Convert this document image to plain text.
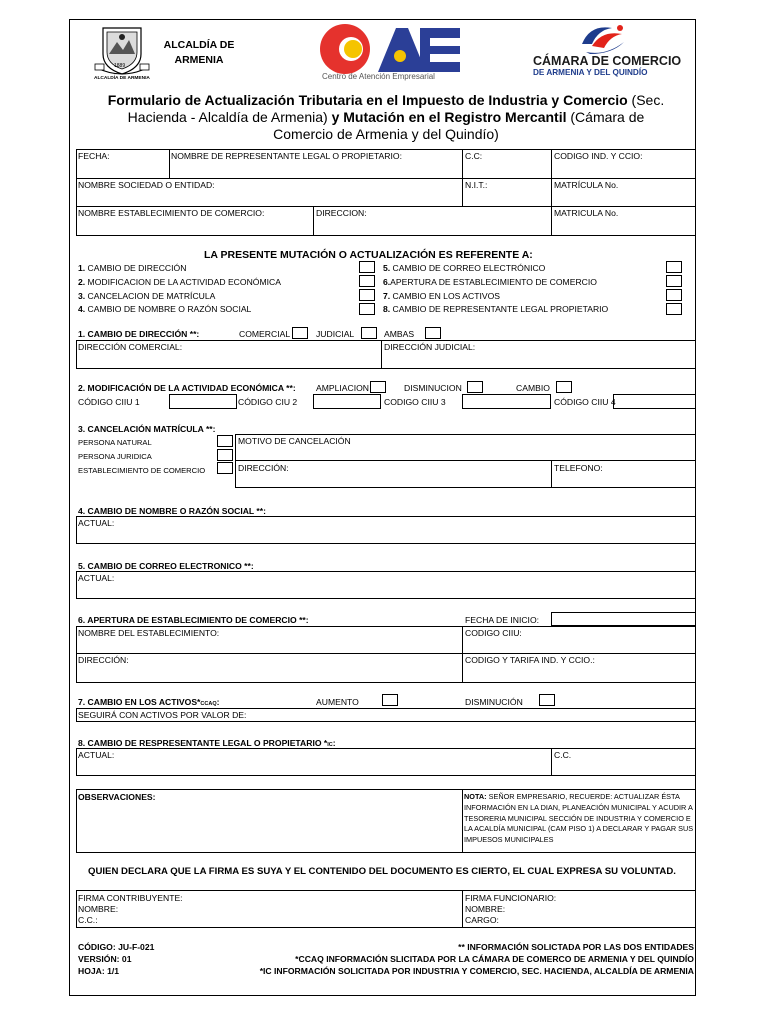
1889
ALCALDÍA DE ARMENIA
ALCALDÍA DE ARMENIA
Centro de Atención Empresarial
CÁMARA DE COMERCIO
DE ARMENIA Y DEL QUINDÍO
Formulario de Actualización Tributaria en el Impuesto de Industria y Comercio (Sec. Hacienda - Alcaldía de Armenia) y Mutación en el Registro Mercantil (Cámara de Comercio de Armenia y del Quindío)
FECHA:	NOMBRE DE REPRESENTANTE LEGAL O PROPIETARIO:	C.C:	CODIGO IND. Y CCIO:
NOMBRE SOCIEDAD O ENTIDAD:	N.I.T.:	MATRÍCULA No.
NOMBRE ESTABLECIMIENTO DE COMERCIO:	DIRECCION:	MATRICULA No.
LA PRESENTE MUTACIÓN O ACTUALIZACIÓN ES REFERENTE A:
1. CAMBIO DE DIRECCIÓN
2. MODIFICACION DE LA ACTIVIDAD ECONÓMICA
3. CANCELACION DE MATRÍCULA
4. CAMBIO DE NOMBRE O RAZÓN SOCIAL
5. CAMBIO DE CORREO ELECTRÓNICO
6.APERTURA DE ESTABLECIMIENTO DE COMERCIO
7. CAMBIO EN LOS ACTIVOS
8. CAMBIO DE REPRESENTANTE LEGAL PROPIETARIO
1. CAMBIO DE DIRECCIÓN **:	COMERCIAL	JUDICIAL	AMBAS
DIRECCIÓN COMERCIAL:	DIRECCIÓN JUDICIAL:
2. MODIFICACIÓN DE LA ACTIVIDAD ECONÓMICA **: AMPLIACION	DISMINUCION	CAMBIO
CÓDIGO CIIU 1	CÓDIGO CIU 2	CODIGO CIIU 3	CÓDIGO CIIU 4
3. CANCELACIÓN MATRÍCULA **:
PERSONA NATURAL
PERSONA JURIDICA
ESTABLECIMIENTO DE COMERCIO
MOTIVO DE CANCELACIÓN
DIRECCIÓN:	TELEFONO:
4. CAMBIO DE NOMBRE O RAZÓN SOCIAL **:
ACTUAL:
5. CAMBIO DE CORREO ELECTRONICO **:
ACTUAL:
6. APERTURA DE ESTABLECIMIENTO DE COMERCIO **:	FECHA DE INICIO:
NOMBRE DEL ESTABLECIMIENTO:	CODIGO CIIU:
DIRECCIÓN:	CODIGO Y TARIFA IND. Y CCIO.:
7. CAMBIO EN LOS ACTIVOS*CCAQ:	AUMENTO	DISMINUCIÓN
SEGUIRÁ CON ACTIVOS POR VALOR DE:
8. CAMBIO DE RESPRESENTANTE LEGAL O PROPIETARIO *IC:
ACTUAL:	C.C.
OBSERVACIONES:	NOTA: SEÑOR EMPRESARIO, RECUERDE: ACTUALIZAR ÉSTA INFORMACIÓN EN LA DIAN, PLANEACIÓN MUNICIPAL Y ACUDIR A TESORERIA MUNICIPAL SECCIÓN DE INDUSTRIA Y COMERCIO E LA ACALDÍA MUNICIPAL (CAM PISO 1) A DECLARAR Y PAGAR SUS IMPUESOS MUNICIPALES
QUIEN DECLARA QUE LA FIRMA ES SUYA Y EL CONTENIDO DEL DOCUMENTO ES CIERTO, EL CUAL EXPRESA SU VOLUNTAD.
FIRMA CONTRIBUYENTE:
NOMBRE:
C.C.:
FIRMA FUNCIONARIO:
NOMBRE:
CARGO:
CÓDIGO: JU-F-021
VERSIÓN: 01
HOJA: 1/1
** INFORMACIÓN SOLICTADA POR LAS DOS ENTIDADES
*CCAQ INFORMACIÓN SLICITADA POR LA CÁMARA DE COMERCO DE ARMENIA Y DEL QUINDÍO
*IC INFORMACIÓN SOLICITADA POR INDUSTRIA Y COMERCIO, SEC. HACIENDA, ALCALDÍA DE ARMENIA
